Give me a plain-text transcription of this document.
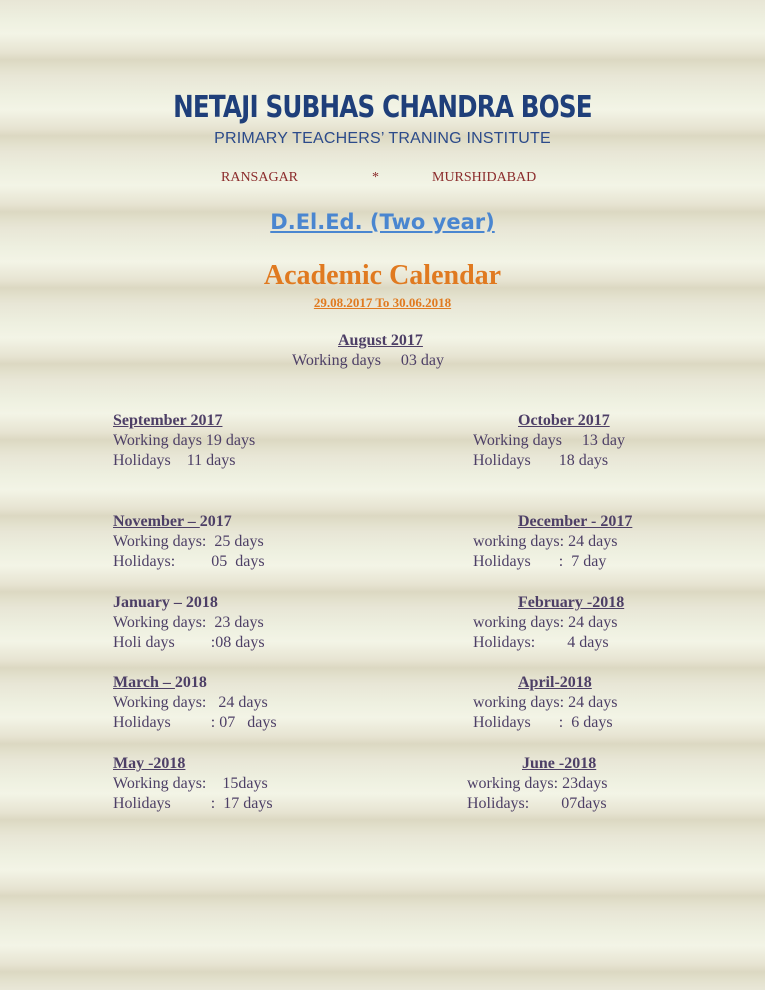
NETAJI SUBHAS CHANDRA BOSE
PRIMARY TEACHERS’ TRANING INSTITUTE
RANSAGAR	*	MURSHIDABAD
D.El.Ed. (Two year)
Academic Calendar
29.08.2017 To 30.06.2018
August 2017
Working days     03 day
September 2017
Working days 19 days
Holidays    11 days
October 2017
Working days     13 day
Holidays       18 days
November – 2017
Working days:  25 days
Holidays:         05  days
December - 2017
working days: 24 days
Holidays       :  7 day
January – 2018
Working days:  23 days
Holi days         :08 days
February -2018
working days: 24 days
Holidays:        4 days
March – 2018
Working days:   24 days
Holidays          : 07   days
April-2018
working days: 24 days
Holidays       :  6 days
May -2018
Working days:    15days
Holidays          :  17 days
June -2018
working days: 23days
Holidays:        07days
